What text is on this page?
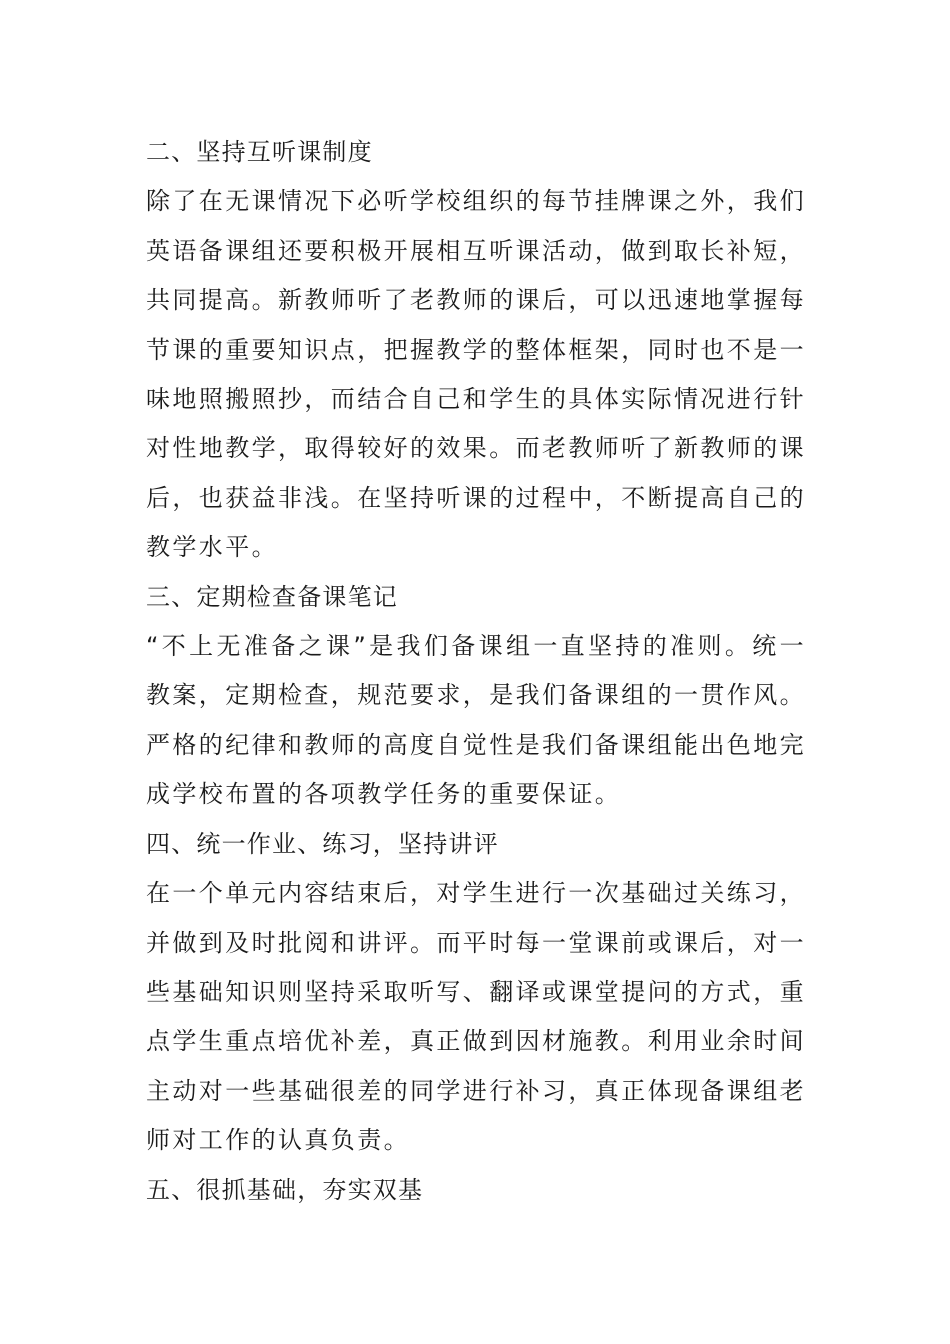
二、坚持互听课制度

除了在无课情况下必听学校组织的每节挂牌课之外，我们英语备课组还要积极开展相互听课活动，做到取长补短，共同提高。新教师听了老教师的课后，可以迅速地掌握每节课的重要知识点，把握教学的整体框架，同时也不是一味地照搬照抄，而结合自己和学生的具体实际情况进行针对性地教学，取得较好的效果。而老教师听了新教师的课后，也获益非浅。在坚持听课的过程中，不断提高自己的教学水平。

三、定期检查备课笔记

“不上无准备之课”是我们备课组一直坚持的准则。统一教案，定期检查，规范要求，是我们备课组的一贯作风。严格的纪律和教师的高度自觉性是我们备课组能出色地完成学校布置的各项教学任务的重要保证。

四、统一作业、练习，坚持讲评

在一个单元内容结束后，对学生进行一次基础过关练习，并做到及时批阅和讲评。而平时每一堂课前或课后，对一些基础知识则坚持采取听写、翻译或课堂提问的方式，重点学生重点培优补差，真正做到因材施教。利用业余时间主动对一些基础很差的同学进行补习，真正体现备课组老师对工作的认真负责。

五、很抓基础，夯实双基
